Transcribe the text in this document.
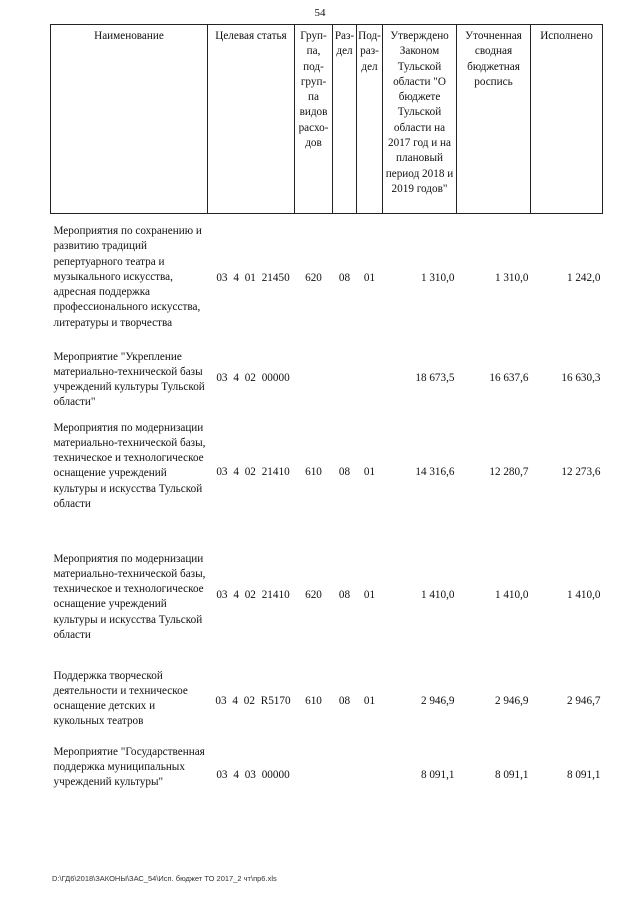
54
Наименование	Целевая статья	Груп-па, под-груп-па видов расхо-дов	Раз-дел	Под-раз-дел	Утверждено Законом Тульской области "О бюджете Тульской области на 2017 год и на плановый период 2018 и 2019 годов"	Уточненная сводная бюджетная роспись	Исполнено
Мероприятия по сохранению и развитию традиций репертуарного театра и музыкального искусства, адресная поддержка профессионального искусства, литературы и творчества	03 4 01 21450	620	08	01	1 310,0	1 310,0	1 242,0
Мероприятие "Укрепление материально-технической базы учреждений культуры Тульской области"	03 4 02 00000				18 673,5	16 637,6	16 630,3
Мероприятия по модернизации материально-технической базы, техническое и технологическое оснащение учреждений культуры и искусства Тульской области	03 4 02 21410	610	08	01	14 316,6	12 280,7	12 273,6
Мероприятия по модернизации материально-технической базы, техническое и технологическое оснащение учреждений культуры и искусства Тульской области	03 4 02 21410	620	08	01	1 410,0	1 410,0	1 410,0
Поддержка творческой деятельности и техническое оснащение детских и кукольных театров	03 4 02 R5170	610	08	01	2 946,9	2 946,9	2 946,7
Мероприятие "Государственная поддержка муниципальных учреждений культуры"	03 4 03 00000				8 091,1	8 091,1	8 091,1
D:\ГД6\2018\ЗАКОНЫ\ЗАС_54\Исп. бюджет ТО 2017_2 чт\пр6.xls
